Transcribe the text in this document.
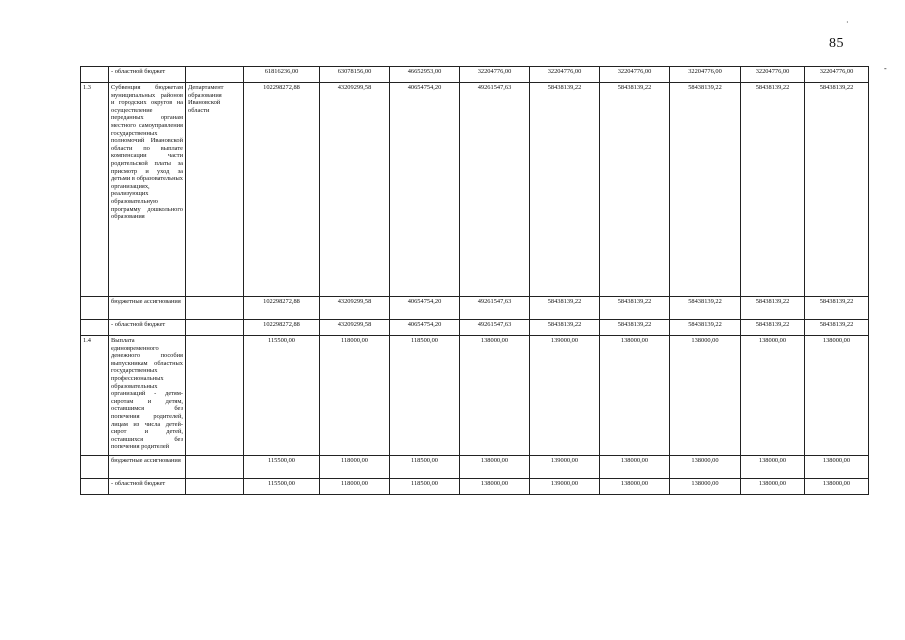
85
·
-
	- областной бюджет		61816236,00	63078156,00	46652953,00	32204776,00	32204776,00	32204776,00	32204776,00	32204776,00	32204776,00
1.3	Субвенция бюджетам муниципальных районов и городских округов на осуществление переданных органам местного самоуправления государственных полномочий Ивановской области по выплате компенсации части родительской платы за присмотр и уход за детьми в образовательных организациях, реализующих образовательную программу дошкольного образования	Департамент образования Ивановской области	102298272,88	43209299,58	40654754,20	49261547,63	58438139,22	58438139,22	58438139,22	58438139,22	58438139,22
	бюджетные ассигнования		102298272,88	43209299,58	40654754,20	49261547,63	58438139,22	58438139,22	58438139,22	58438139,22	58438139,22
	- областной бюджет		102298272,88	43209299,58	40654754,20	49261547,63	58438139,22	58438139,22	58438139,22	58438139,22	58438139,22
1.4	Выплата единовременного денежного пособия выпускникам областных государственных профессиональных образовательных организаций - детям-сиротам и детям, оставшимся без попечения родителей, лицам из числа детей-сирот и детей, оставшихся без попечения родителей		115500,00	118000,00	118500,00	138000,00	139000,00	138000,00	138000,00	138000,00	138000,00
	бюджетные ассигнования		115500,00	118000,00	118500,00	138000,00	139000,00	138000,00	138000,00	138000,00	138000,00
	- областной бюджет		115500,00	118000,00	118500,00	138000,00	139000,00	138000,00	138000,00	138000,00	138000,00
